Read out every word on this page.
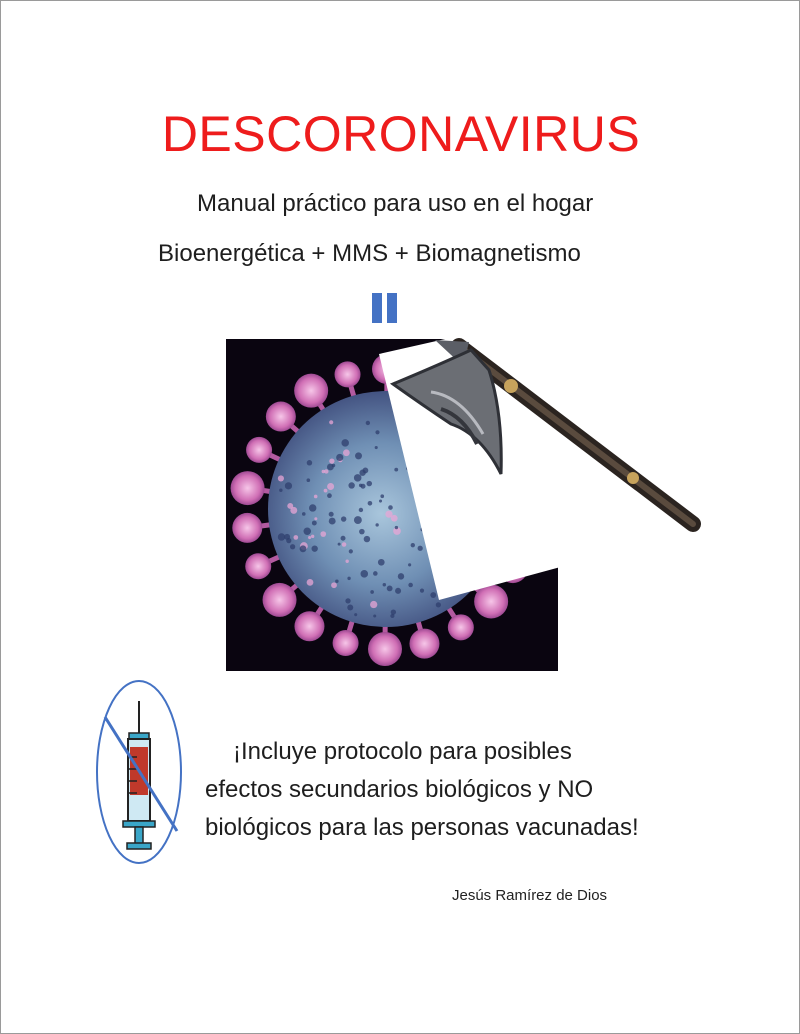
DESCORONAVIRUS
Manual práctico para uso en el hogar
Bioenergética + MMS + Biomagnetismo
¡Incluye protocolo para posibles
efectos secundarios biológicos y NO
biológicos para las personas vacunadas!
Jesús Ramírez de Dios
